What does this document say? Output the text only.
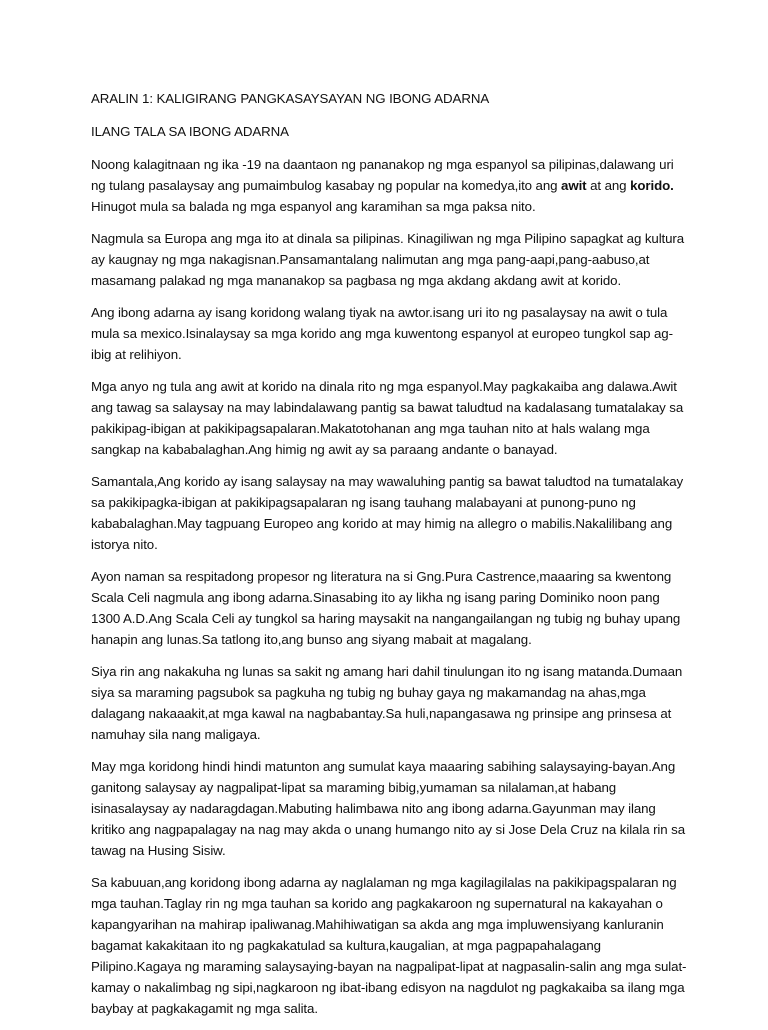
ARALIN 1: KALIGIRANG PANGKASAYSAYAN NG IBONG ADARNA
ILANG TALA SA IBONG ADARNA

Noong kalagitnaan ng ika -19 na daantaon ng pananakop ng mga espanyol sa pilipinas,dalawang uri ng tulang pasalaysay ang pumaimbulog kasabay ng popular na komedya,ito ang awit at ang korido. Hinugot mula sa balada ng mga espanyol ang karamihan sa mga paksa nito.

Nagmula sa Europa ang mga ito at dinala sa pilipinas. Kinagiliwan ng mga Pilipino sapagkat ag kultura ay kaugnay ng mga nakagisnan.Pansamantalang nalimutan ang mga pang-aapi,pang-aabuso,at masamang palakad ng mga mananakop sa pagbasa ng mga akdang akdang awit at korido.

Ang ibong adarna ay isang koridong walang tiyak na awtor.isang uri ito ng pasalaysay na awit o tula mula sa mexico.Isinalaysay sa mga korido ang mga kuwentong espanyol at europeo tungkol sap ag-ibig at relihiyon.

Mga anyo ng tula ang awit at korido na dinala rito ng mga espanyol.May pagkakaiba ang dalawa.Awit ang tawag sa salaysay na may labindalawang pantig sa bawat taludtud na kadalasang tumatalakay sa pakikipag-ibigan at pakikipagsapalaran.Makatotohanan ang mga tauhan nito at hals walang mga sangkap na kababalaghan.Ang himig ng awit ay sa paraang andante o banayad.

Samantala,Ang korido ay isang salaysay na may wawaluhing pantig sa bawat taludtod na tumatalakay sa pakikipagka-ibigan at pakikipagsapalaran ng isang tauhang malabayani at punong-puno ng kababalaghan.May tagpuang Europeo ang korido at may himig na allegro o mabilis.Nakalilibang ang istorya nito.

Ayon naman sa respitadong propesor ng literatura na si Gng.Pura Castrence,maaaring sa kwentong Scala Celi nagmula ang ibong adarna.Sinasabing ito ay likha ng isang paring Dominiko noon pang 1300 A.D.Ang Scala Celi ay tungkol sa haring maysakit na nangangailangan ng tubig ng buhay upang hanapin ang lunas.Sa tatlong ito,ang bunso ang siyang mabait at magalang.

Siya rin ang nakakuha ng lunas sa sakit ng amang hari dahil tinulungan ito ng isang matanda.Dumaan siya sa maraming pagsubok sa pagkuha ng tubig ng buhay gaya ng makamandag na ahas,mga dalagang nakaaakit,at mga kawal na nagbabantay.Sa huli,napangasawa ng prinsipe ang prinsesa at namuhay sila nang maligaya.

May mga koridong hindi hindi matunton ang sumulat kaya maaaring sabihing salaysaying-bayan.Ang ganitong salaysay ay nagpalipat-lipat sa maraming bibig,yumaman sa nilalaman,at habang isinasalaysay ay nadaragdagan.Mabuting halimbawa nito ang ibong adarna.Gayunman may ilang kritiko ang nagpapalagay na nag may akda o unang humango nito ay si Jose Dela Cruz na kilala rin sa tawag na Husing Sisiw.

Sa kabuuan,ang koridong ibong adarna ay naglalaman ng mga kagilagilalas na pakikipagspalaran ng mga tauhan.Taglay rin ng mga tauhan sa korido ang pagkakaroon ng supernatural na kakayahan o kapangyarihan na mahirap ipaliwanag.Mahihiwatigan sa akda ang mga impluwensiyang kanluranin bagamat kakakitaan ito ng pagkakatulad sa kultura,kaugalian, at mga pagpapahalagang Pilipino.Kagaya ng maraming salaysaying-bayan na nagpalipat-lipat at nagpasalin-salin ang mga sulat-kamay o nakalimbag ng sipi,nagkaroon ng ibat-ibang edisyon na nagdulot ng pagkakaiba sa ilang mga baybay at pagkakagamit ng mga salita.
